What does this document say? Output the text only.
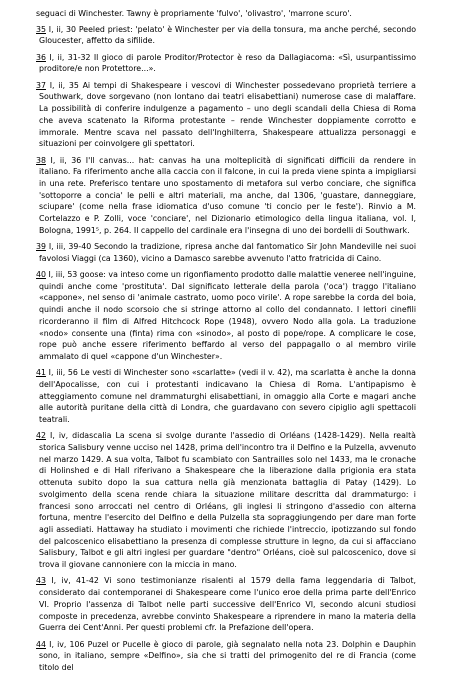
seguaci di Winchester. Tawny è propriamente 'fulvo', 'olivastro', 'marrone scuro'.

35 I, ii, 30 Peeled priest: 'pelato' è Winchester per via della tonsura, ma anche perché, secondo Gloucester, affetto da sifilide.

36 I, ii, 31-32 Il gioco di parole Proditor/Protector è reso da Dallagiacoma: «Sì, usurpantissimo proditore/e non Protettore...».

37 I, ii, 35 Ai tempi di Shakespeare i vescovi di Winchester possedevano proprietà terriere a Southwark, dove sorgevano (non lontano dai teatri elisabettiani) numerose case di malaffare. La possibilità di conferire indulgenze a pagamento – uno degli scandali della Chiesa di Roma che aveva scatenato la Riforma protestante – rende Winchester doppiamente corrotto e immorale. Mentre scava nel passato dell'Inghilterra, Shakespeare attualizza personaggi e situazioni per coinvolgere gli spettatori.

38 I, ii, 36 I'll canvas... hat: canvas ha una molteplicità di significati difficili da rendere in italiano. Fa riferimento anche alla caccia con il falcone, in cui la preda viene spinta a impigliarsi in una rete. Preferisco tentare uno spostamento di metafora sul verbo conciare, che significa 'sottoporre a concia' le pelli e altri materiali, ma anche, dal 1306, 'guastare, danneggiare, sciupare' (come nella frase idiomatica d'uso comune 'ti concio per le feste'). Rinvio a M. Cortelazzo e P. Zolli, voce 'conciare', nel Dizionario etimologico della lingua italiana, vol. I, Bologna, 1991⁵, p. 264. Il cappello del cardinale era l'insegna di uno dei bordelli di Southwark.

39 I, iii, 39-40 Secondo la tradizione, ripresa anche dal fantomatico Sir John Mandeville nei suoi favolosi Viaggi (ca 1360), vicino a Damasco sarebbe avvenuto l'atto fratricida di Caino.

40 I, iii, 53 goose: va inteso come un rigonfiamento prodotto dalle malattie veneree nell'inguine, quindi anche come 'prostituta'. Dal significato letterale della parola ('oca') traggo l'italiano «cappone», nel senso di 'animale castrato, uomo poco virile'. A rope sarebbe la corda del boia, quindi anche il nodo scorsoio che si stringe attorno al collo del condannato. I lettori cinefili ricorderanno il film di Alfred Hitchcock Rope (1948), ovvero Nodo alla gola. La traduzione «nodo» consente una (finta) rima con «sinodo», al posto di pope/rope. A complicare le cose, rope può anche essere riferimento beffardo al verso del pappagallo o al membro virile ammalato di quel «cappone d'un Winchester».

41 I, iii, 56 Le vesti di Winchester sono «scarlatte» (vedi il v. 42), ma scarlatta è anche la donna dell'Apocalisse, con cui i protestanti indicavano la Chiesa di Roma. L'antipapismo è atteggiamento comune nel drammaturghi elisabettiani, in omaggio alla Corte e magari anche alle autorità puritane della città di Londra, che guardavano con severo cipiglio agli spettacoli teatrali.

42 I, iv, didascalia La scena si svolge durante l'assedio di Orléans (1428-1429). Nella realtà storica Salisbury venne ucciso nel 1428, prima dell'incontro tra il Delfino e la Pulzella, avvenuto nel marzo 1429. A sua volta, Talbot fu scambiato con Santrailles solo nel 1433, ma le cronache di Holinshed e di Hall riferivano a Shakespeare che la liberazione dalla prigionia era stata ottenuta subito dopo la sua cattura nella già menzionata battaglia di Patay (1429). Lo svolgimento della scena rende chiara la situazione militare descritta dal drammaturgo: i francesi sono arroccati nel centro di Orléans, gli inglesi li stringono d'assedio con alterna fortuna, mentre l'esercito del Delfino e della Pulzella sta sopraggiungendo per dare man forte agli assediati. Hattaway ha studiato i movimenti che richiede l'intreccio, ipotizzando sul fondo del palcoscenico elisabettiano la presenza di complesse strutture in legno, da cui si affacciano Salisbury, Talbot e gli altri inglesi per guardare "dentro" Orléans, cioè sul palcoscenico, dove si trova il giovane cannoniere con la miccia in mano.

43 I, iv, 41-42 Vi sono testimonianze risalenti al 1579 della fama leggendaria di Talbot, considerato dai contemporanei di Shakespeare come l'unico eroe della prima parte dell'Enrico VI. Proprio l'assenza di Talbot nelle parti successive dell'Enrico VI, secondo alcuni studiosi composte in precedenza, avrebbe convinto Shakespeare a riprendere in mano la materia della Guerra dei Cent'Anni. Per questi problemi cfr. la Prefazione dell'opera.

44 I, iv, 106 Puzel or Pucelle è gioco di parole, già segnalato nella nota 23. Dolphin e Dauphin sono, in italiano, sempre «Delfino», sia che si tratti del primogenito del re di Francia (come titolo del
